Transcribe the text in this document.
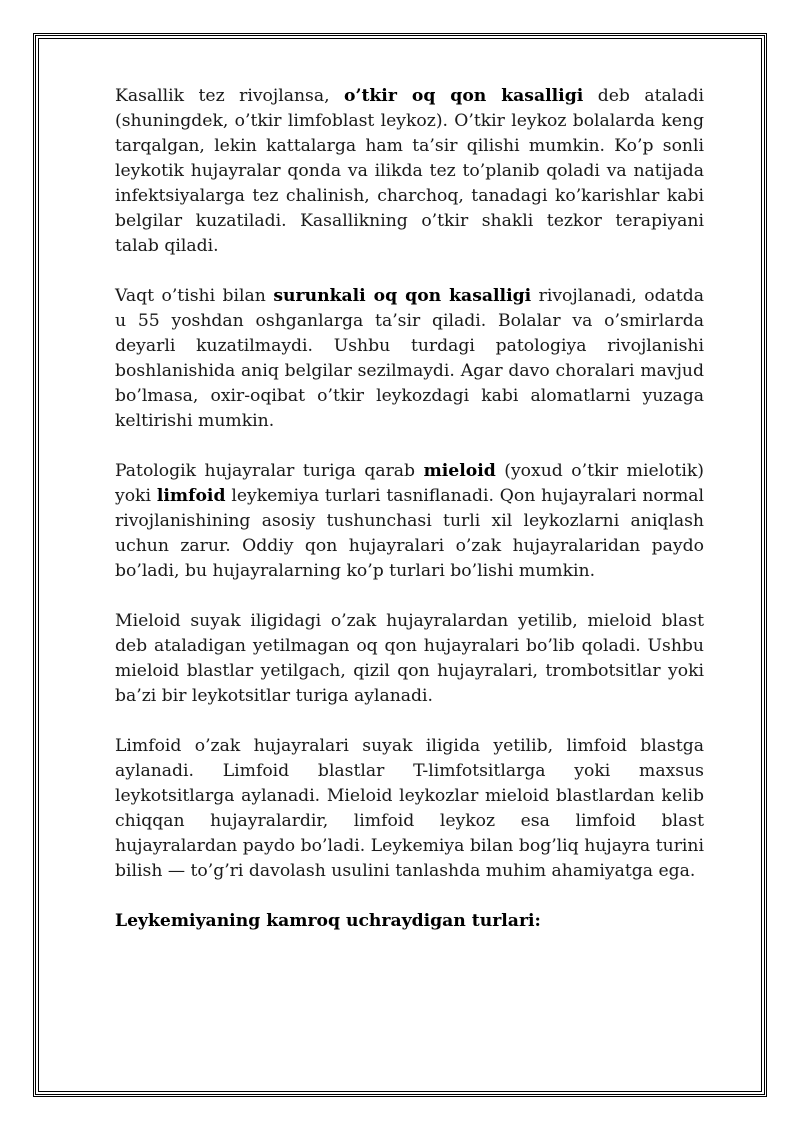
Kasallik tez rivojlansa, o’tkir oq qon kasalligi deb ataladi (shuningdek, o’tkir limfoblast leykoz). O’tkir leykoz bolalarda keng tarqalgan, lekin kattalarga ham ta’sir qilishi mumkin. Ko’p sonli leykotik hujayralar qonda va ilikda tez to’planib qoladi va natijada infektsiyalarga tez chalinish, charchoq, tanadagi ko’karishlar kabi belgilar kuzatiladi. Kasallikning o’tkir shakli tezkor terapiyani talab qiladi.

Vaqt o’tishi bilan surunkali oq qon kasalligi rivojlanadi, odatda u 55 yoshdan oshganlarga ta’sir qiladi. Bolalar va o’smirlarda deyarli kuzatilmaydi. Ushbu turdagi patologiya rivojlanishi boshlanishida aniq belgilar sezilmaydi. Agar davo choralari mavjud bo’lmasa, oxir-oqibat o’tkir leykozdagi kabi alomatlarni yuzaga keltirishi mumkin.

Patologik hujayralar turiga qarab mieloid (yoxud o’tkir mielotik) yoki limfoid leykemiya turlari tasniflanadi. Qon hujayralari normal rivojlanishining asosiy tushunchasi turli xil leykozlarni aniqlash uchun zarur. Oddiy qon hujayralari o’zak hujayralaridan paydo bo’ladi, bu hujayralarning ko’p turlari bo’lishi mumkin.

Mieloid suyak iligidagi o’zak hujayralardan yetilib, mieloid blast deb ataladigan yetilmagan oq qon hujayralari bo’lib qoladi. Ushbu mieloid blastlar yetilgach, qizil qon hujayralari, trombotsitlar yoki ba’zi bir leykotsitlar turiga aylanadi.

Limfoid o’zak hujayralari suyak iligida yetilib, limfoid blastga aylanadi. Limfoid blastlar T-limfotsitlarga yoki maxsus leykotsitlarga aylanadi. Mieloid leykozlar mieloid blastlardan kelib chiqqan hujayralardir, limfoid leykoz esa limfoid blast hujayralardan paydo bo’ladi. Leykemiya bilan bog’liq hujayra turini bilish — to’g’ri davolash usulini tanlashda muhim ahamiyatga ega.

Leykemiyaning kamroq uchraydigan turlari:
